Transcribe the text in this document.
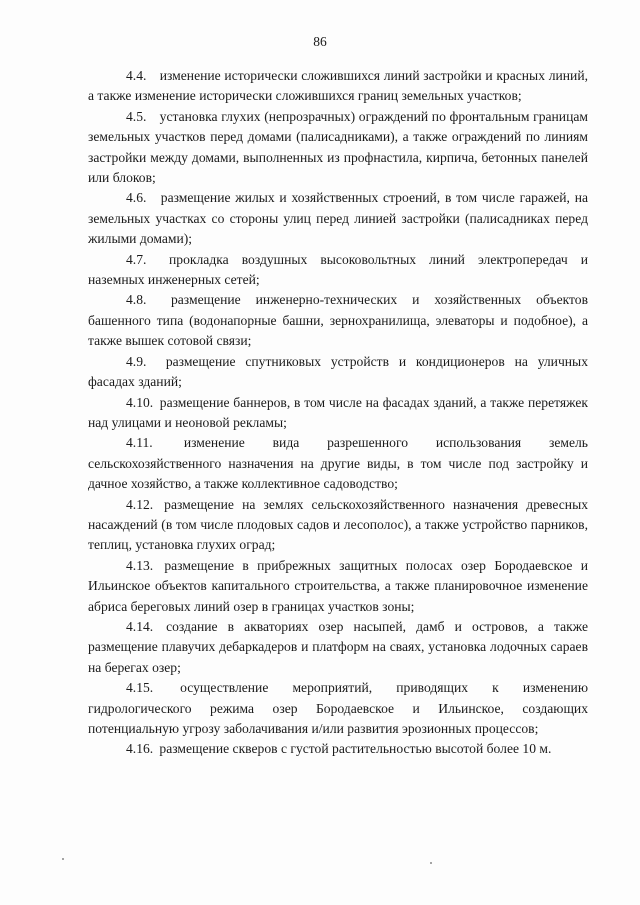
86

4.4. изменение исторически сложившихся линий застройки и красных линий, а также изменение исторически сложившихся границ земельных участков;

4.5. установка глухих (непрозрачных) ограждений по фронтальным границам земельных участков перед домами (палисадниками), а также ограждений по линиям застройки между домами, выполненных из профнастила, кирпича, бетонных панелей или блоков;

4.6. размещение жилых и хозяйственных строений, в том числе гаражей, на земельных участках со стороны улиц перед линией застройки (палисадниках перед жилыми домами);

4.7. прокладка воздушных высоковольтных линий электропередач и наземных инженерных сетей;

4.8. размещение инженерно-технических и хозяйственных объектов башенного типа (водонапорные башни, зернохранилища, элеваторы и подобное), а также вышек сотовой связи;

4.9. размещение спутниковых устройств и кондиционеров на уличных фасадах зданий;

4.10. размещение баннеров, в том числе на фасадах зданий, а также перетяжек над улицами и неоновой рекламы;

4.11. изменение вида разрешенного использования земель сельскохозяйственного назначения на другие виды, в том числе под застройку и дачное хозяйство, а также коллективное садоводство;

4.12. размещение на землях сельскохозяйственного назначения древесных насаждений (в том числе плодовых садов и лесополос), а также устройство парников, теплиц, установка глухих оград;

4.13. размещение в прибрежных защитных полосах озер Бородаевское и Ильинское объектов капитального строительства, а также планировочное изменение абриса береговых линий озер в границах участков зоны;

4.14. создание в акваториях озер насыпей, дамб и островов, а также размещение плавучих дебаркадеров и платформ на сваях, установка лодочных сараев на берегах озер;

4.15. осуществление мероприятий, приводящих к изменению гидрологического режима озер Бородаевское и Ильинское, создающих потенциальную угрозу заболачивания и/или развития эрозионных процессов;

4.16. размещение скверов с густой растительностью высотой более 10 м.
